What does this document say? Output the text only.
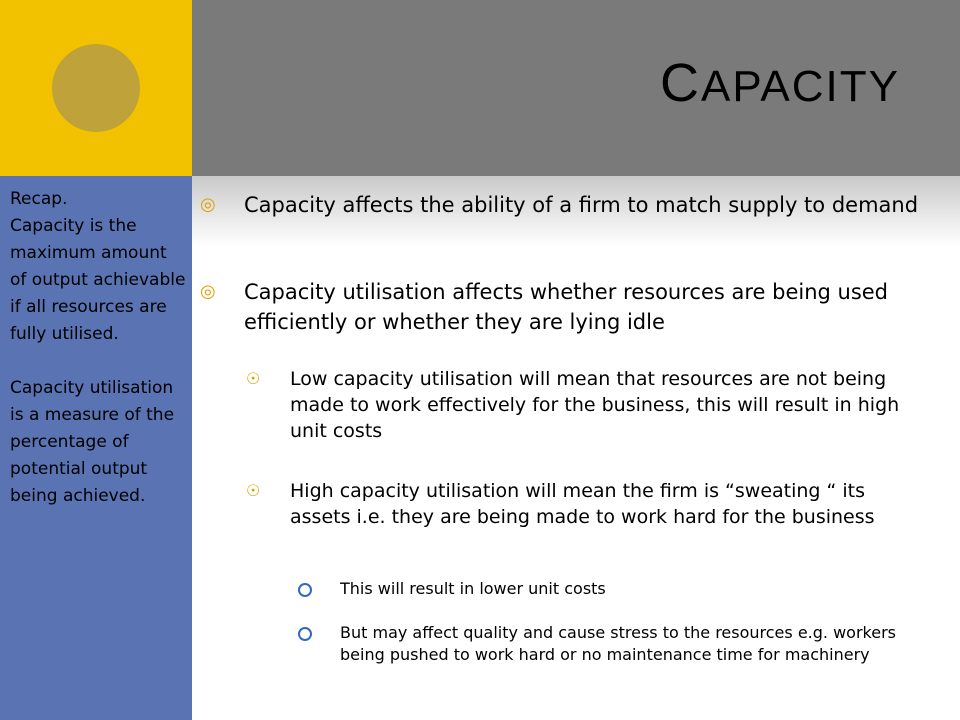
CAPACITY
Recap.
Capacity is the maximum amount of output achievable if all resources are fully utilised.

Capacity utilisation is a measure of the percentage of potential output being achieved.
◎ Capacity affects the ability of a firm to match supply to demand
◎ Capacity utilisation affects whether resources are being used efficiently or whether they are lying idle
☉ Low capacity utilisation will mean that resources are not being made to work effectively for the business, this will result in high unit costs
☉ High capacity utilisation will mean the firm is “sweating “ its assets i.e. they are being made to work hard for the business
This will result in lower unit costs
But may affect quality and cause stress to the resources e.g. workers being pushed to work hard or no maintenance time for machinery
